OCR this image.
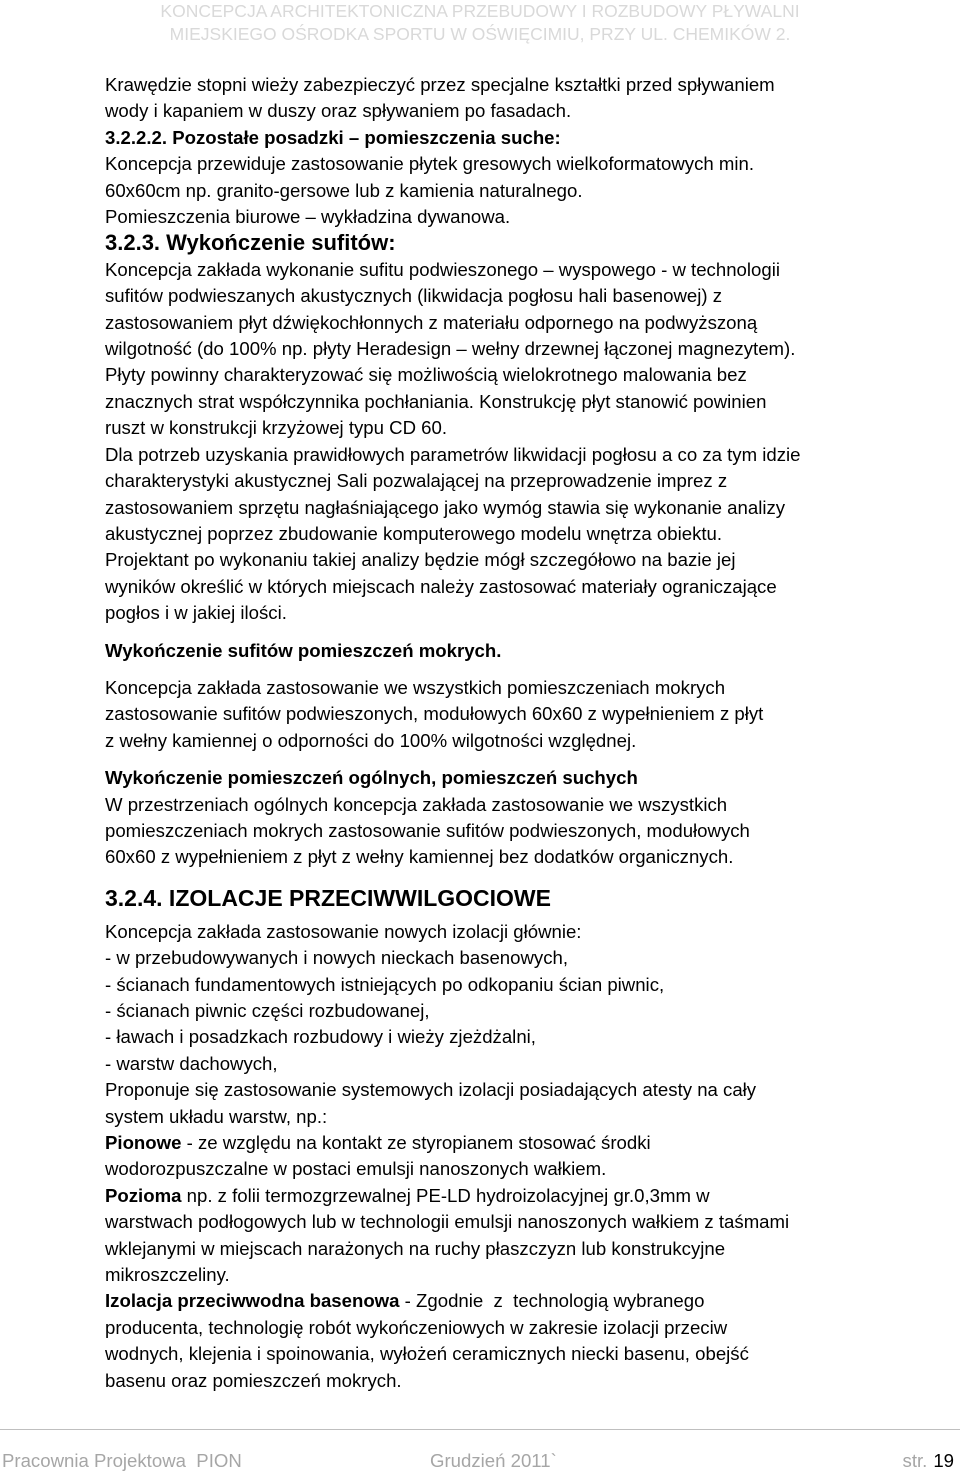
KONCEPCJA ARCHITEKTONICZNA PRZEBUDOWY I ROZBUDOWY PŁYWALNI
MIEJSKIEGO OŚRODKA SPORTU W OŚWIĘCIMIU, PRZY UL. CHEMIKÓW 2.
Krawędzie stopni wieży zabezpieczyć przez specjalne kształtki przed spływaniem
wody i kapaniem w duszy oraz spływaniem po fasadach.
3.2.2.2. Pozostałe posadzki – pomieszczenia suche:
Koncepcja przewiduje zastosowanie płytek gresowych wielkoformatowych min.
60x60cm np. granito-gersowe lub z kamienia naturalnego.
Pomieszczenia biurowe – wykładzina dywanowa.
3.2.3. Wykończenie sufitów:
Koncepcja zakłada wykonanie sufitu podwieszonego – wyspowego - w technologii
sufitów podwieszanych akustycznych (likwidacja pogłosu hali basenowej) z
zastosowaniem płyt dźwiękochłonnych z materiału odpornego na podwyższoną
wilgotność (do 100% np. płyty Heradesign – wełny drzewnej łączonej magnezytem).
Płyty powinny charakteryzować się możliwością wielokrotnego malowania bez
znacznych strat współczynnika pochłaniania. Konstrukcję płyt stanowić powinien
ruszt w konstrukcji krzyżowej typu CD 60.
Dla potrzeb uzyskania prawidłowych parametrów likwidacji pogłosu a co za tym idzie
charakterystyki akustycznej Sali pozwalającej na przeprowadzenie imprez z
zastosowaniem sprzętu nagłaśniającego jako wymóg stawia się wykonanie analizy
akustycznej poprzez zbudowanie komputerowego modelu wnętrza obiektu.
Projektant po wykonaniu takiej analizy będzie mógł szczegółowo na bazie jej
wyników określić w których miejscach należy zastosować materiały ograniczające
pogłos i w jakiej ilości.
Wykończenie sufitów pomieszczeń mokrych.
Koncepcja zakłada zastosowanie we wszystkich pomieszczeniach mokrych
zastosowanie sufitów podwieszonych, modułowych 60x60 z wypełnieniem z płyt
z wełny kamiennej o odporności do 100% wilgotności względnej.
Wykończenie pomieszczeń ogólnych, pomieszczeń suchych
W przestrzeniach ogólnych koncepcja zakłada zastosowanie we wszystkich
pomieszczeniach mokrych zastosowanie sufitów podwieszonych, modułowych
60x60 z wypełnieniem z płyt z wełny kamiennej bez dodatków organicznych.
3.2.4. IZOLACJE PRZECIWWILGOCIOWE
Koncepcja zakłada zastosowanie nowych izolacji głównie:
- w przebudowywanych i nowych nieckach basenowych,
- ścianach fundamentowych istniejących po odkopaniu ścian piwnic,
- ścianach piwnic części rozbudowanej,
- ławach i posadzkach rozbudowy i wieży zjeżdżalni,
- warstw dachowych,
Proponuje się zastosowanie systemowych izolacji posiadających atesty na cały
system układu warstw, np.:
Pionowe - ze względu na kontakt ze styropianem stosować środki
wodorozpuszczalne w postaci emulsji nanoszonych wałkiem.
Pozioma np. z folii termozgrzewalnej PE-LD hydroizolacyjnej gr.0,3mm w
warstwach podłogowych lub w technologii emulsji nanoszonych wałkiem z taśmami
wklejanymi w miejscach narażonych na ruchy płaszczyzn lub konstrukcyjne
mikroszczeliny.
Izolacja przeciwwodna basenowa - Zgodnie  z  technologią wybranego
producenta, technologię robót wykończeniowych w zakresie izolacji przeciw
wodnych, klejenia i spoinowania, wyłożeń ceramicznych niecki basenu, obejść
basenu oraz pomieszczeń mokrych.
Pracownia Projektowa  PION	Grudzień 2011`	str. 19
